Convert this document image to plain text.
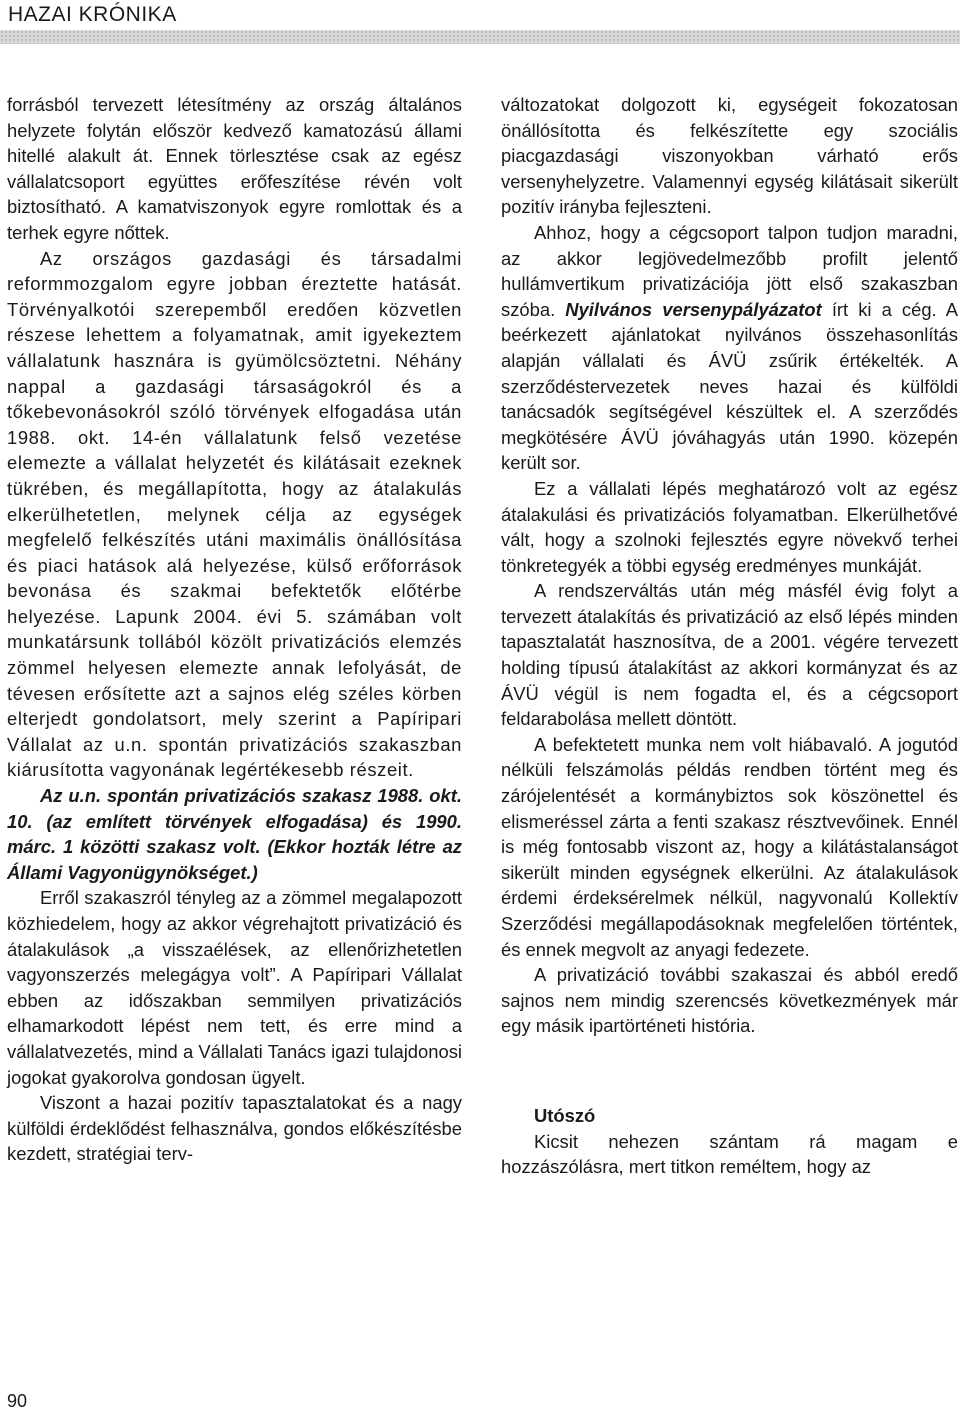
HAZAI KRÓNIKA

forrásból tervezett létesítmény az ország általános helyzete folytán először kedvező kamatozású állami hitellé alakult át. Ennek törlesztése csak az egész vállalatcsoport együttes erőfeszítése révén volt biztosítható. A kamatviszonyok egyre romlottak és a terhek egyre nőttek.

Az országos gazdasági és társadalmi reformmozgalom egyre jobban éreztette hatását. Törvényalkotói szerepemből eredően közvetlen részese lehettem a folyamatnak, amit igyekeztem vállalatunk hasznára is gyümölcsöztetni. Néhány nappal a gazdasági társaságokról és a tőkebevonásokról szóló törvények elfogadása után 1988. okt. 14-én vállalatunk felső vezetése elemezte a vállalat helyzetét és kilátásait ezeknek tükrében, és megállapította, hogy az átalakulás elkerülhetetlen, melynek célja az egységek megfelelő felkészítés utáni maximális önállósítása és piaci hatások alá helyezése, külső erőforrások bevonása és szakmai befektetők előtérbe helyezése. Lapunk 2004. évi 5. számában volt munkatársunk tollából közölt privatizációs elemzés zömmel helyesen elemezte annak lefolyását, de tévesen erősítette azt a sajnos elég széles körben elterjedt gondolatsort, mely szerint a Papíripari Vállalat az u.n. spontán privatizációs szakaszban kiárusította vagyonának legértékesebb részeit.

Az u.n. spontán privatizációs szakasz 1988. okt. 10. (az említett törvények elfogadása) és 1990. márc. 1 közötti szakasz volt. (Ekkor hozták létre az Állami Vagyonügynökséget.)

Erről szakaszról tényleg az a zömmel megalapozott közhiedelem, hogy az akkor végrehajtott privatizáció és átalakulások „a visszaélések, az ellenőrizhetetlen vagyonszerzés melegágya volt”. A Papíripari Vállalat ebben az időszakban semmilyen privatizációs elhamarkodott lépést nem tett, és erre mind a vállalatvezetés, mind a Vállalati Tanács igazi tulajdonosi jogokat gyakorolva gondosan ügyelt.

Viszont a hazai pozitív tapasztalatokat és a nagy külföldi érdeklődést felhasználva, gondos előkészítésbe kezdett, stratégiai terv-

változatokat dolgozott ki, egységeit fokozatosan önállósította és felkészítette egy szociális piacgazdasági viszonyokban várható erős versenyhelyzetre. Valamennyi egység kilátásait sikerült pozitív irányba fejleszteni.

Ahhoz, hogy a cégcsoport talpon tudjon maradni, az akkor legjövedelmezőbb profilt jelentő hullámvertikum privatizációja jött első szakaszban szóba. Nyilvános versenypályázatot írt ki a cég. A beérkezett ajánlatokat nyilvános összehasonlítás alapján vállalati és ÁVÜ zsűrik értékelték. A szerződéstervezetek neves hazai és külföldi tanácsadók segítségével készültek el. A szerződés megkötésére ÁVÜ jóváhagyás után 1990. közepén került sor.

Ez a vállalati lépés meghatározó volt az egész átalakulási és privatizációs folyamatban. Elkerülhetővé vált, hogy a szolnoki fejlesztés egyre növekvő terhei tönkretegyék a többi egység eredményes munkáját.

A rendszerváltás után még másfél évig folyt a tervezett átalakítás és privatizáció az első lépés minden tapasztalatát hasznosítva, de a 2001. végére tervezett holding típusú átalakítást az akkori kormányzat és az ÁVÜ végül is nem fogadta el, és a cégcsoport feldarabolása mellett döntött.

A befektetett munka nem volt hiábavaló. A jogutód nélküli felszámolás példás rendben történt meg és zárójelentését a kormánybiztos sok köszönettel és elismeréssel zárta a fenti szakasz résztvevőinek. Ennél is még fontosabb viszont az, hogy a kilátástalanságot sikerült minden egységnek elkerülni. Az átalakulások érdemi érdeksérelmek nélkül, nagyvonalú Kollektív Szerződési megállapodásoknak megfelelően történtek, és ennek megvolt az anyagi fedezete.

A privatizáció további szakaszai és abból eredő sajnos nem mindig szerencsés következmények már egy másik ipartörténeti história.

Utószó

Kicsit nehezen szántam rá magam e hozzászólásra, mert titkon reméltem, hogy az

90
